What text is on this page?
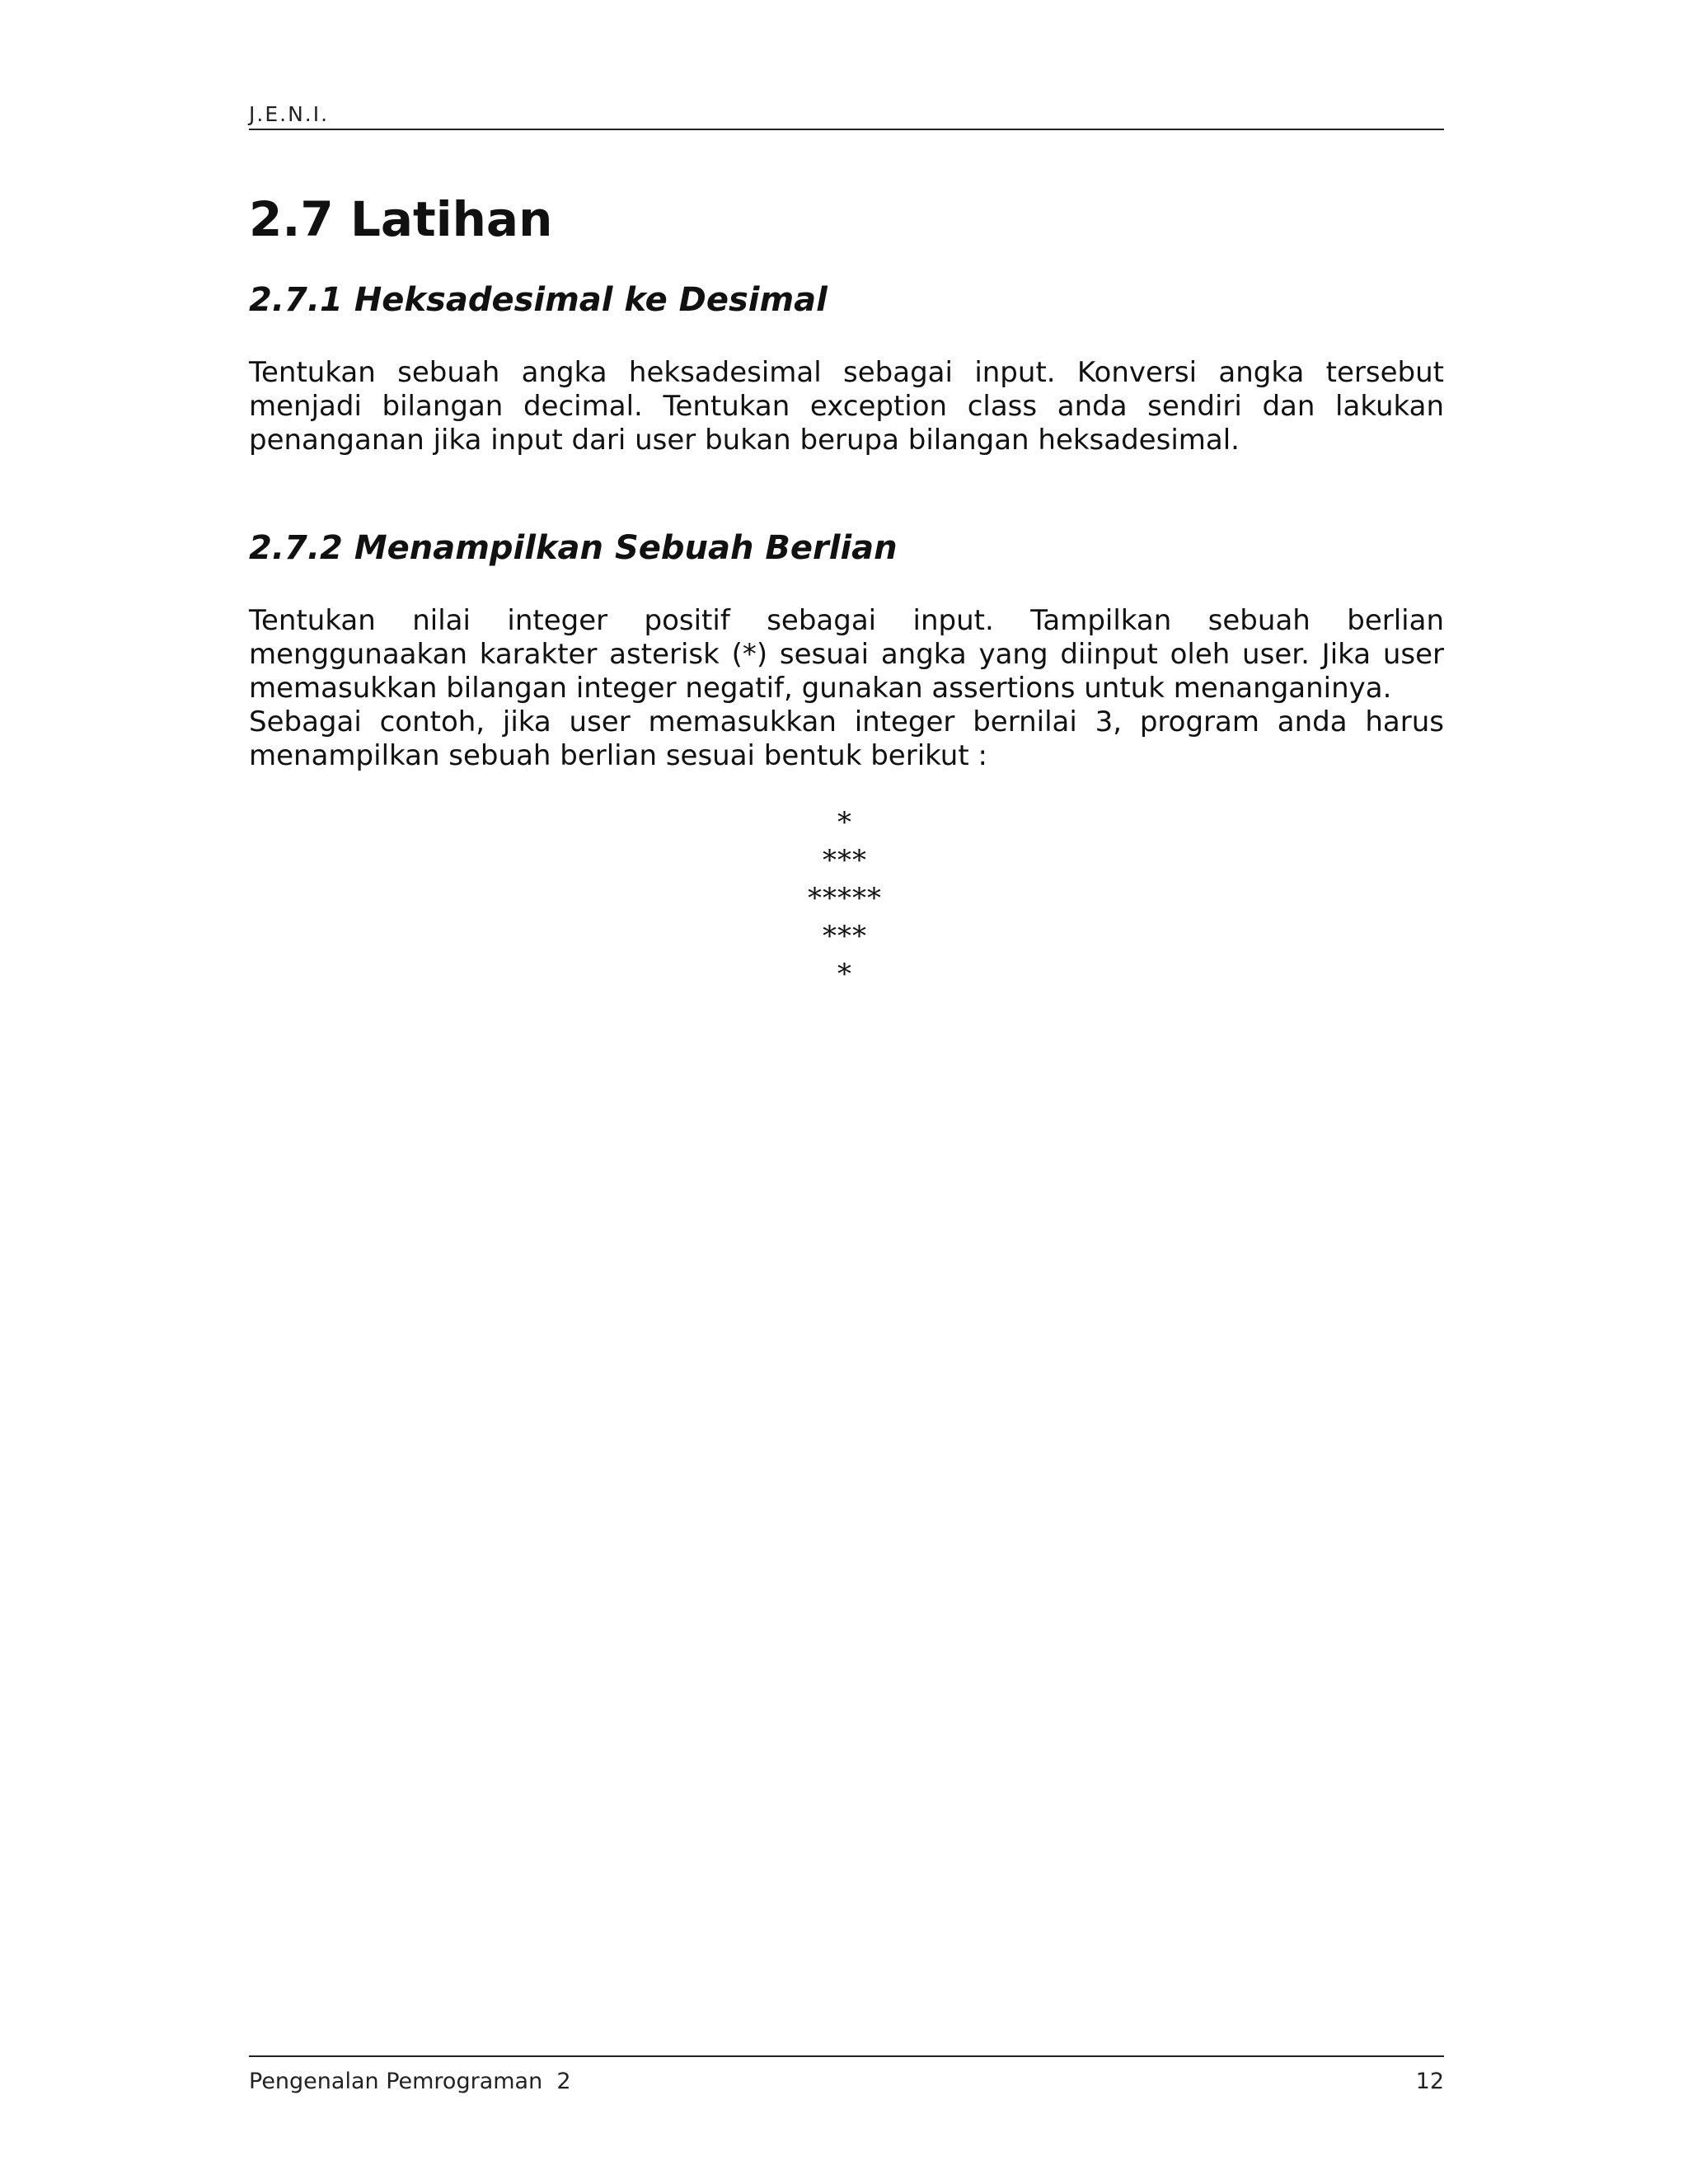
J.E.N.I.
2.7 Latihan
2.7.1 Heksadesimal ke Desimal

Tentukan sebuah angka heksadesimal sebagai input. Konversi angka tersebut menjadi bilangan decimal. Tentukan exception class anda sendiri dan lakukan penanganan jika input dari user bukan berupa bilangan heksadesimal.

2.7.2 Menampilkan Sebuah Berlian

Tentukan nilai integer positif sebagai input. Tampilkan sebuah berlian menggunaakan karakter asterisk (*) sesuai angka yang diinput oleh user. Jika user memasukkan bilangan integer negatif, gunakan assertions untuk menanganinya.

Sebagai contoh, jika user memasukkan integer bernilai 3, program anda harus menampilkan sebuah berlian sesuai bentuk berikut :

*
***
*****
***
*
Pengenalan Pemrograman  2	12
